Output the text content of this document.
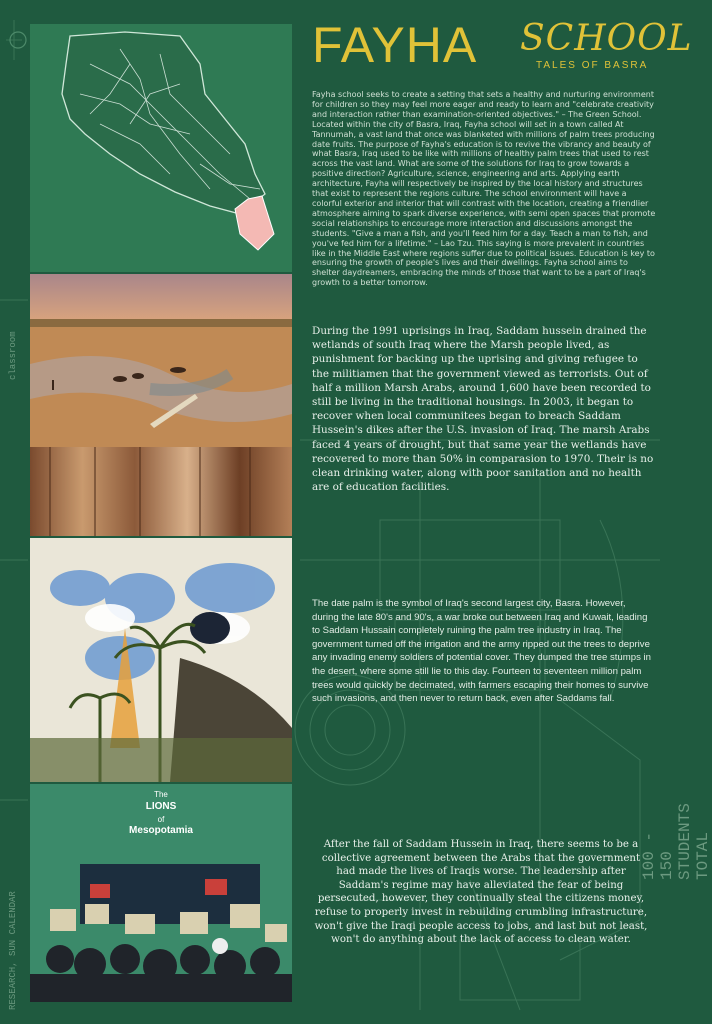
100 - 150 STUDENTS TOTAL
classroom
RESEARCH, SUN CALENDAR
The
LIONS
of
Mesopotamia
FAYHA SCHOOL
TALES OF BASRA
Fayha school seeks to create a setting that sets a healthy and nurturing environment for children so they may feel more eager and ready to learn and "celebrate creativity and interaction rather than examination-oriented objectives." – The Green School. Located within the city of Basra, Iraq, Fayha school will set in a town called At Tannumah, a vast land that once was blanketed with millions of palm trees producing date fruits. The purpose of Fayha's education is to revive the vibrancy and beauty of what Basra, Iraq used to be like with millions of healthy palm trees that used to rest across the vast land. What are some of the solutions for Iraq to grow towards a positive direction? Agriculture, science, engineering and arts. Applying earth architecture, Fayha will respectively be inspired by the local history and structures that exist to represent the regions culture. The school environment will have a colorful exterior and interior that will contrast with the location, creating a friendlier atmosphere aiming to spark diverse experience, with semi open spaces that promote social relationships to encourage more interaction and discussions amongst the students. "Give a man a fish, and you'll feed him for a day. Teach a man to fish, and you've fed him for a lifetime." – Lao Tzu. This saying is more prevalent in countries like in the Middle East where regions suffer due to political issues. Education is key to ensuring the growth of people's lives and their dwellings. Fayha school aims to shelter daydreamers, embracing the minds of those that want to be a part of Iraq's growth to a better tomorrow.
During the 1991 uprisings in Iraq, Saddam hussein drained the wetlands of south Iraq where the Marsh people lived, as punishment for backing up the uprising and giving refugee to the militiamen that the government viewed as terrorists. Out of half a million Marsh Arabs, around 1,600 have been recorded to still be living in the traditional housings. In 2003, it began to recover when local communitees began to breach Saddam Hussein's dikes after the U.S. invasion of Iraq. The marsh Arabs faced 4 years of drought, but that same year the wetlands have recovered to more than 50% in comparasion to 1970. Their is no clean drinking water, along with poor sanitation and no health are of education facilities.
The date palm is the symbol of Iraq's second largest city, Basra. However, during the late 80's and 90's, a war broke out between Iraq and Kuwait, leading to Saddam Hussain completely ruining the palm tree industry in Iraq. The government turned off the irrigation and the army ripped out the trees to deprive any invading enemy soldiers of potential cover. They dumped the tree stumps in the desert, where some still lie to this day. Fourteen to seventeen million palm trees would quickly be decimated, with farmers escaping their homes to survive such invasions, and then never to return back, even after Saddams fall.
After the fall of Saddam Hussein in Iraq, there seems to be a collective agreement between the Arabs that the government had made the lives of Iraqis worse. The leadership after Saddam's regime may have alleviated the fear of being persecuted, however, they continually steal the citizens money, refuse to properly invest in rebuilding crumbling infrastructure, won't give the Iraqi people access to jobs, and last but not least, won't do anything about the lack of access to clean water.
